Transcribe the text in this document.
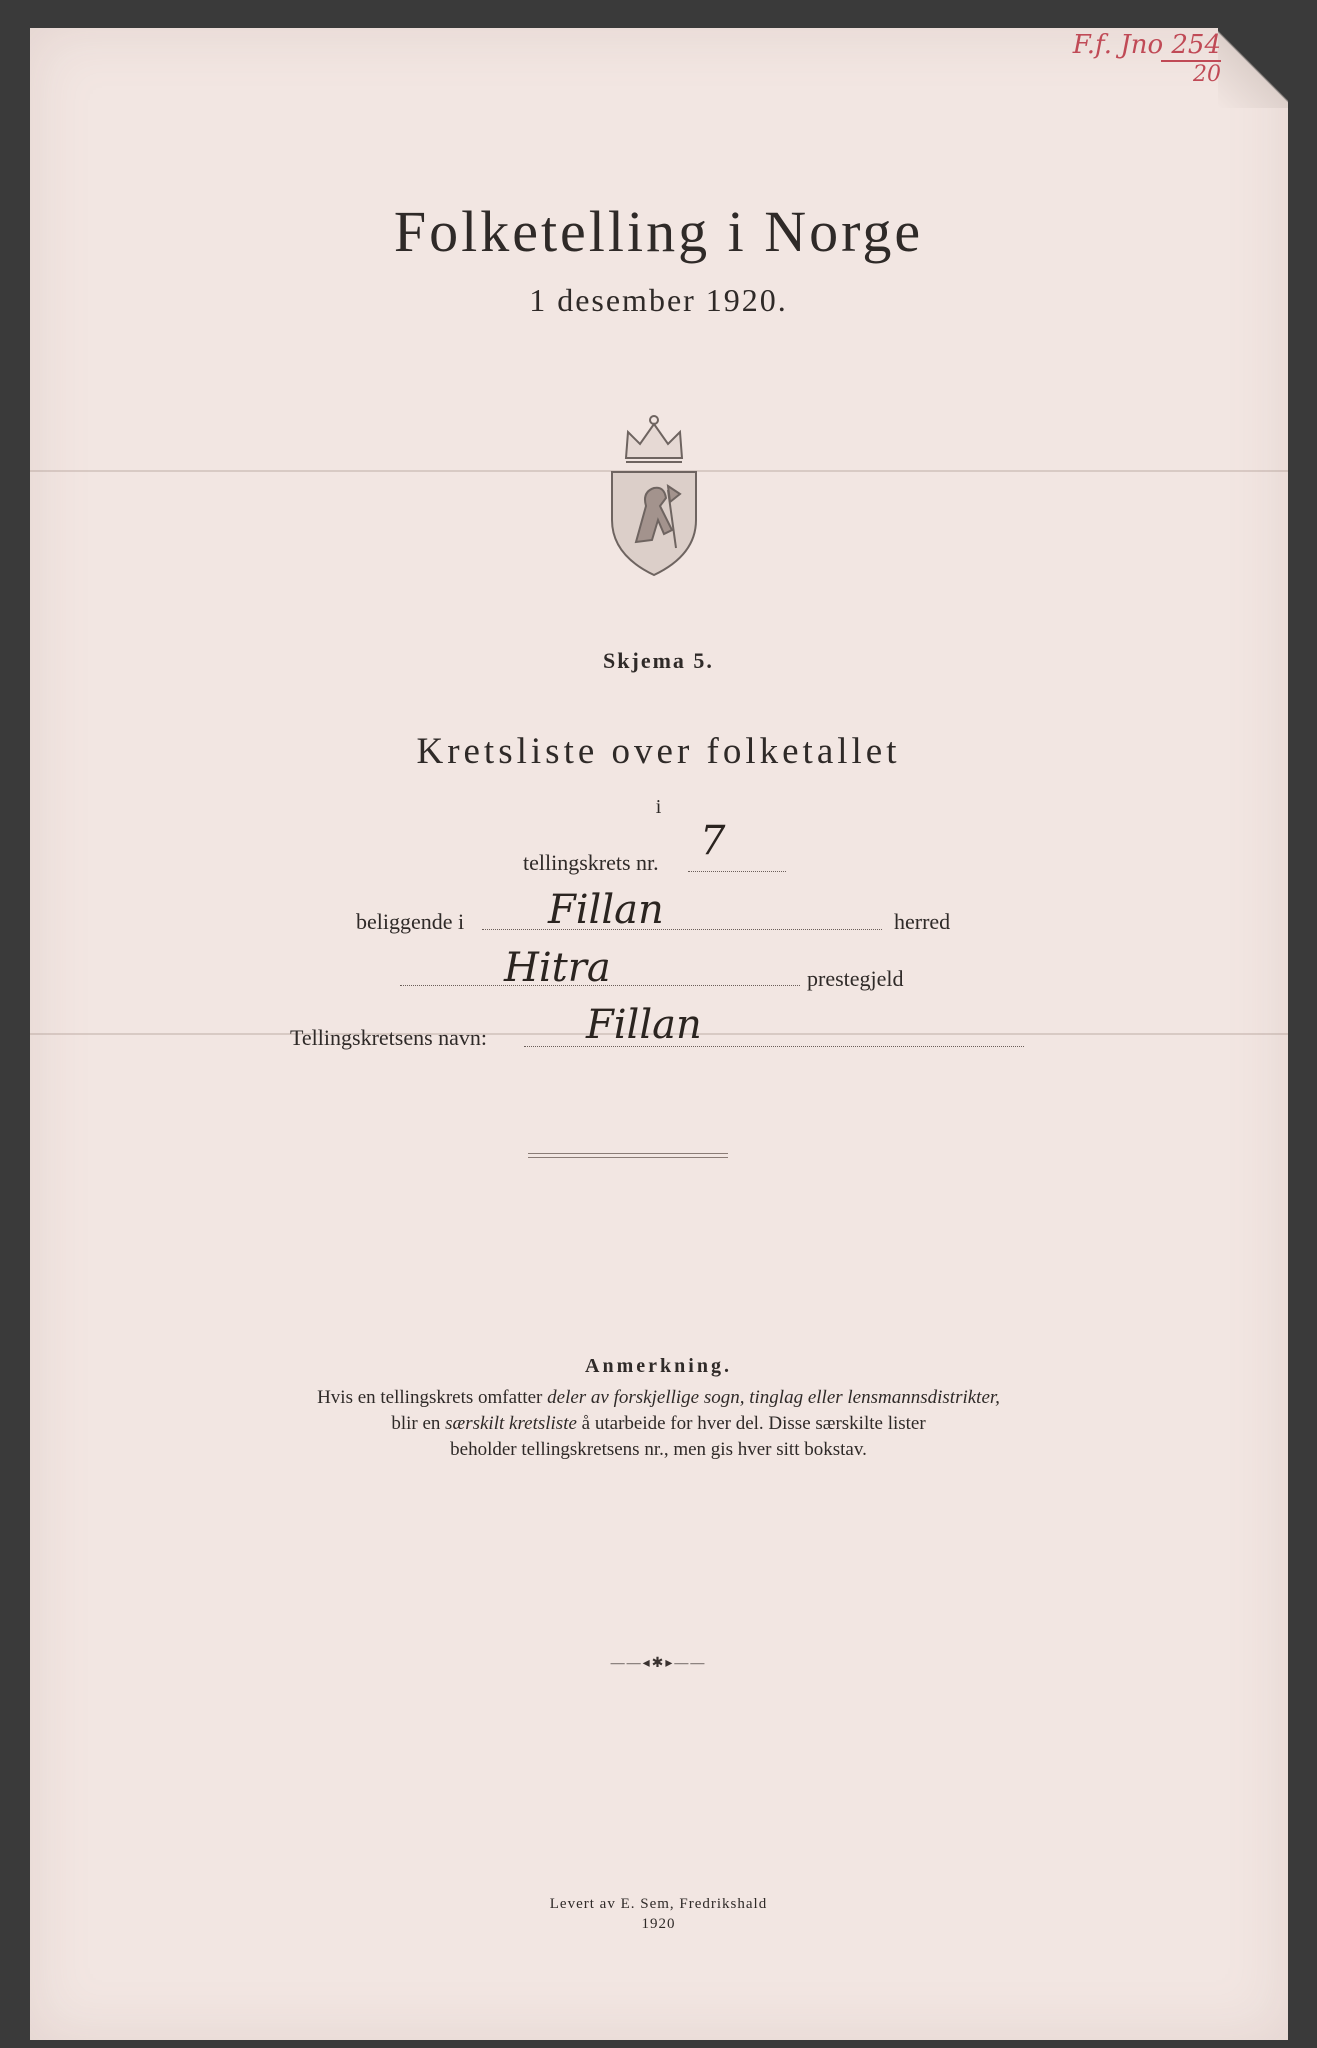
F.f. Jno 254
20
Folketelling i Norge
1 desember 1920.
Skjema 5.
Kretsliste over folketallet
i
tellingskrets nr. 7
beliggende i Fillan	herred
Hitra	prestegjeld
Tellingskretsens navn: Fillan
Anmerkning.
Hvis en tellingskrets omfatter deler av forskjellige sogn, tinglag eller lensmannsdistrikter,
blir en særskilt kretsliste å utarbeide for hver del. Disse særskilte lister
beholder tellingskretsens nr., men gis hver sitt bokstav.
——◂✱▸——
Levert av E. Sem, Fredrikshald
1920
